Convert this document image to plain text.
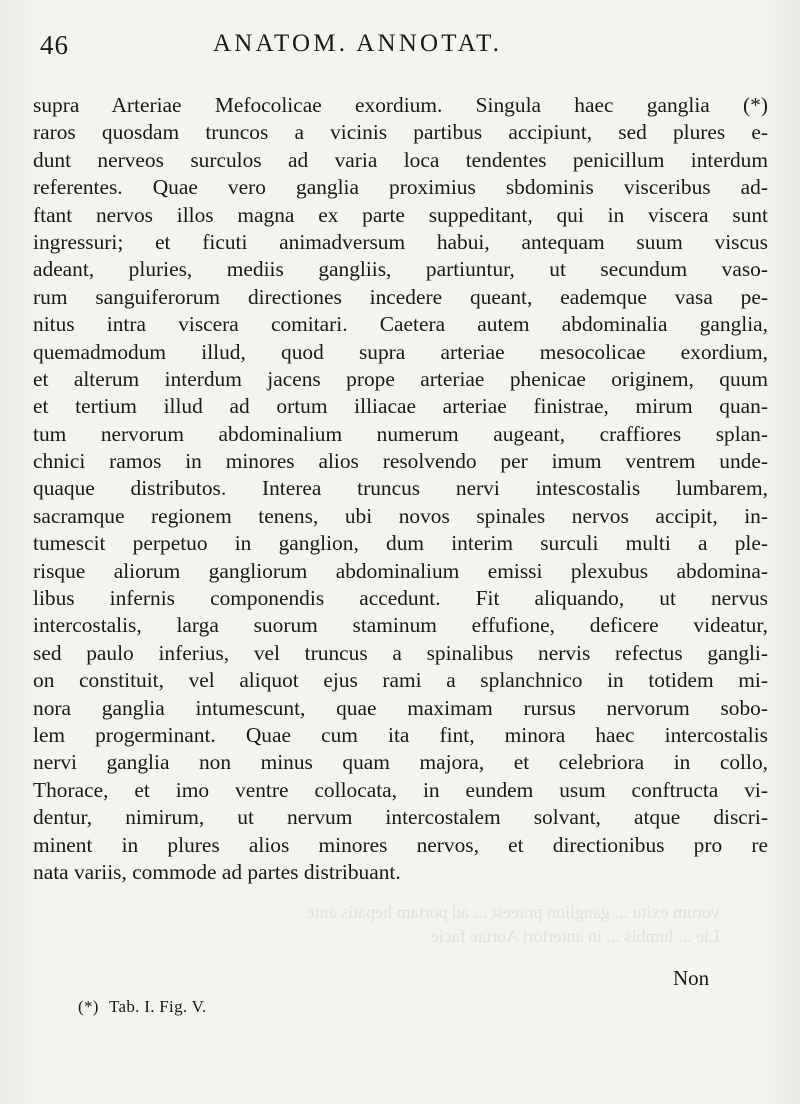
vorum exitu ... ganglion praeest ... ad portam hepatis ante
Lie ... lumbis ... in anteriori Aortae facie
46	ANATOM. ANNOTAT.
supra Arteriae Mefocolicae exordium. Singula haec ganglia (*)
raros quosdam truncos a vicinis partibus accipiunt, sed plures e-
dunt nerveos surculos ad varia loca tendentes penicillum interdum
referentes. Quae vero ganglia proximius sbdominis visceribus ad-
ftant nervos illos magna ex parte suppeditant, qui in viscera sunt
ingressuri; et ficuti animadversum habui, antequam suum viscus
adeant, pluries, mediis gangliis, partiuntur, ut secundum vaso-
rum sanguiferorum directiones incedere queant, eademque vasa pe-
nitus intra viscera comitari. Caetera autem abdominalia ganglia,
quemadmodum illud, quod supra arteriae mesocolicae exordium,
et alterum interdum jacens prope arteriae phenicae originem, quum
et tertium illud ad ortum illiacae arteriae finistrae, mirum quan-
tum nervorum abdominalium numerum augeant, craffiores splan-
chnici ramos in minores alios resolvendo per imum ventrem unde-
quaque distributos. Interea truncus nervi intescostalis lumbarem,
sacramque regionem tenens, ubi novos spinales nervos accipit, in-
tumescit perpetuo in ganglion, dum interim surculi multi a ple-
risque aliorum gangliorum abdominalium emissi plexubus abdomina-
libus infernis componendis accedunt. Fit aliquando, ut nervus
intercostalis, larga suorum staminum effufione, deficere videatur,
sed paulo inferius, vel truncus a spinalibus nervis refectus gangli-
on constituit, vel aliquot ejus rami a splanchnico in totidem mi-
nora ganglia intumescunt, quae maximam rursus nervorum sobo-
lem progerminant. Quae cum ita fint, minora haec intercostalis
nervi ganglia non minus quam majora, et celebriora in collo,
Thorace, et imo ventre collocata, in eundem usum conftructa vi-
dentur, nimirum, ut nervum intercostalem solvant, atque discri-
minent in plures alios minores nervos, et directionibus pro re
nata variis, commode ad partes distribuant.
Non
(*) Tab. I. Fig. V.
